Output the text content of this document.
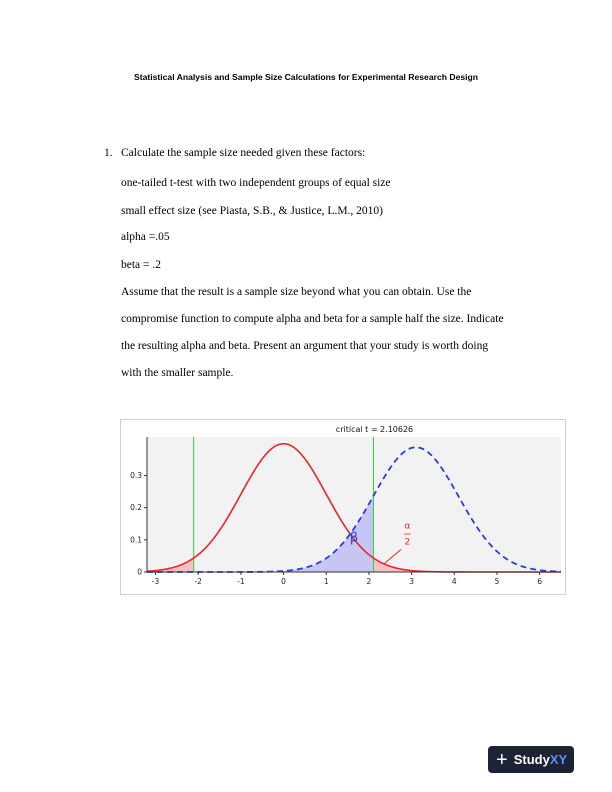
Statistical Analysis and Sample Size Calculations for Experimental Research Design
1. Calculate the sample size needed given these factors:
one-tailed t-test with two independent groups of equal size
small effect size (see Piasta, S.B., & Justice, L.M., 2010)
alpha =.05
beta = .2
Assume that the result is a sample size beyond what you can obtain. Use the
compromise function to compute alpha and beta for a sample half the size. Indicate
the resulting alpha and beta. Present an argument that your study is worth doing
with the smaller sample.
-3	-2	-1	0	1	2	3	4	5	6
0
0.1
0.2
0.3
critical t = 2.10626
β
α
2
+ Study XY
